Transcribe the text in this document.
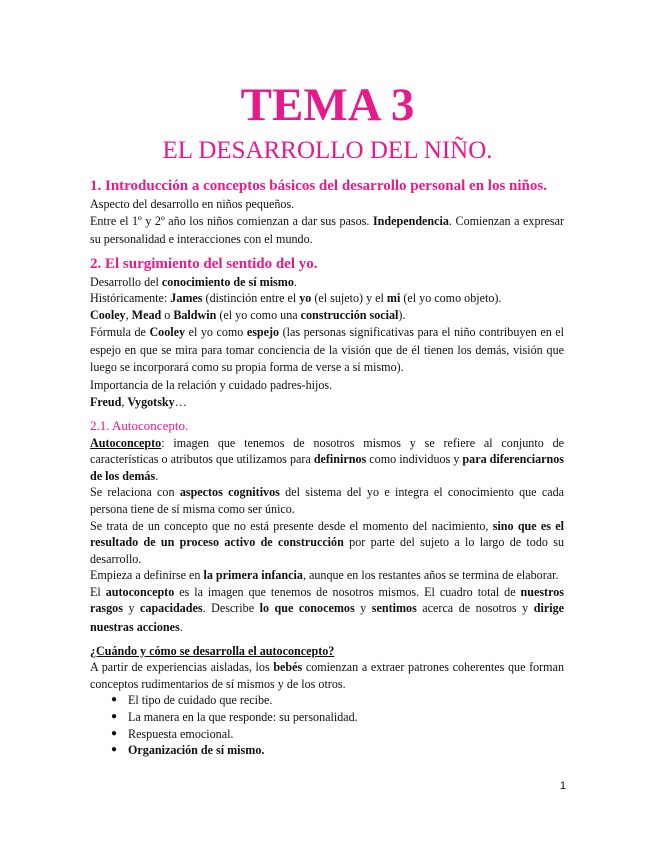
TEMA 3
EL DESARROLLO DEL NIÑO.
1. Introducción a conceptos básicos del desarrollo personal en los niños.

Aspecto del desarrollo en niños pequeños.

Entre el 1º y 2º año los niños comienzan a dar sus pasos. Independencia. Comienzan a expresar su personalidad e interacciones con el mundo.

2. El surgimiento del sentido del yo.

Desarrollo del conocimiento de sí mismo.

Históricamente: James (distinción entre el yo (el sujeto) y el mi (el yo como objeto).

Cooley, Mead o Baldwin (el yo como una construcción social).

Fórmula de Cooley el yo como espejo (las personas significativas para el niño contribuyen en el espejo en que se mira para tomar conciencia de la visión que de él tienen los demás, visión que luego se incorporará como su propia forma de verse a sí mismo).

Importancia de la relación y cuidado padres-hijos.

Freud, Vygotsky…

2.1. Autoconcepto.

Autoconcepto: imagen que tenemos de nosotros mismos y se refiere al conjunto de características o atributos que utilizamos para definirnos como individuos y para diferenciarnos de los demás.

Se relaciona con aspectos cognitivos del sistema del yo e integra el conocimiento que cada persona tiene de sí misma como ser único.

Se trata de un concepto que no está presente desde el momento del nacimiento, sino que es el resultado de un proceso activo de construcción por parte del sujeto a lo largo de todo su desarrollo.

Empieza a definirse en la primera infancia, aunque en los restantes años se termina de elaborar.

El autoconcepto es la imagen que tenemos de nosotros mismos. El cuadro total de nuestros rasgos y capacidades. Describe lo que conocemos y sentimos acerca de nosotros y dirige nuestras acciones.

¿Cuándo y cómo se desarrolla el autoconcepto?

A partir de experiencias aisladas, los bebés comienzan a extraer patrones coherentes que forman conceptos rudimentarios de sí mismos y de los otros.

● El tipo de cuidado que recibe.
● La manera en la que responde: su personalidad.
● Respuesta emocional.
● Organización de sí mismo.
1
